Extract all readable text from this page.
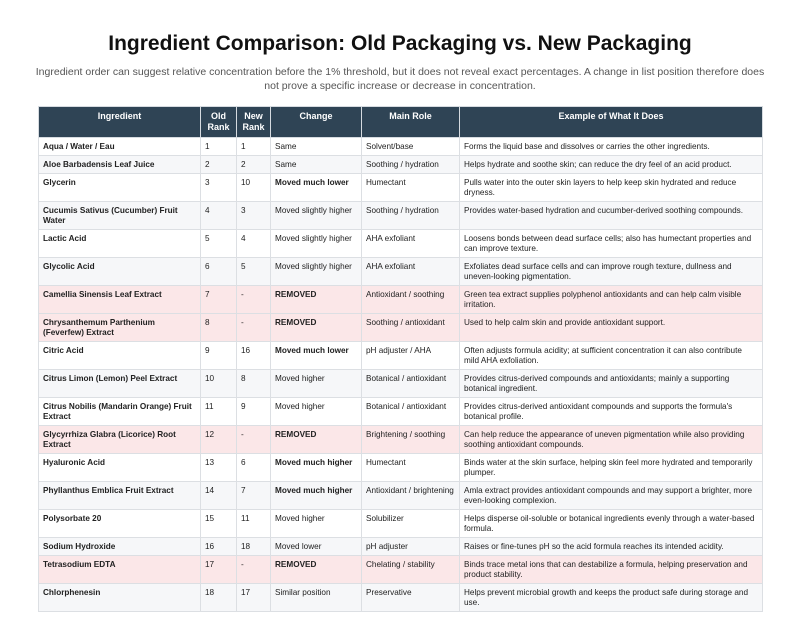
Ingredient Comparison: Old Packaging vs. New Packaging
Ingredient order can suggest relative concentration before the 1% threshold, but it does not reveal exact percentages. A change in list position therefore does not prove a specific increase or decrease in concentration.
Ingredient	Old Rank	New Rank	Change	Main Role	Example of What It Does
Aqua / Water / Eau	1	1	Same	Solvent/base	Forms the liquid base and dissolves or carries the other ingredients.
Aloe Barbadensis Leaf Juice	2	2	Same	Soothing / hydration	Helps hydrate and soothe skin; can reduce the dry feel of an acid product.
Glycerin	3	10	Moved much lower	Humectant	Pulls water into the outer skin layers to help keep skin hydrated and reduce dryness.
Cucumis Sativus (Cucumber) Fruit Water	4	3	Moved slightly higher	Soothing / hydration	Provides water-based hydration and cucumber-derived soothing compounds.
Lactic Acid	5	4	Moved slightly higher	AHA exfoliant	Loosens bonds between dead surface cells; also has humectant properties and can improve texture.
Glycolic Acid	6	5	Moved slightly higher	AHA exfoliant	Exfoliates dead surface cells and can improve rough texture, dullness and uneven-looking pigmentation.
Camellia Sinensis Leaf Extract	7	-	REMOVED	Antioxidant / soothing	Green tea extract supplies polyphenol antioxidants and can help calm visible irritation.
Chrysanthemum Parthenium (Feverfew) Extract	8	-	REMOVED	Soothing / antioxidant	Used to help calm skin and provide antioxidant support.
Citric Acid	9	16	Moved much lower	pH adjuster / AHA	Often adjusts formula acidity; at sufficient concentration it can also contribute mild AHA exfoliation.
Citrus Limon (Lemon) Peel Extract	10	8	Moved higher	Botanical / antioxidant	Provides citrus-derived compounds and antioxidants; mainly a supporting botanical ingredient.
Citrus Nobilis (Mandarin Orange) Fruit Extract	11	9	Moved higher	Botanical / antioxidant	Provides citrus-derived antioxidant compounds and supports the formula's botanical profile.
Glycyrrhiza Glabra (Licorice) Root Extract	12	-	REMOVED	Brightening / soothing	Can help reduce the appearance of uneven pigmentation while also providing soothing antioxidant compounds.
Hyaluronic Acid	13	6	Moved much higher	Humectant	Binds water at the skin surface, helping skin feel more hydrated and temporarily plumper.
Phyllanthus Emblica Fruit Extract	14	7	Moved much higher	Antioxidant / brightening	Amla extract provides antioxidant compounds and may support a brighter, more even-looking complexion.
Polysorbate 20	15	11	Moved higher	Solubilizer	Helps disperse oil-soluble or botanical ingredients evenly through a water-based formula.
Sodium Hydroxide	16	18	Moved lower	pH adjuster	Raises or fine-tunes pH so the acid formula reaches its intended acidity.
Tetrasodium EDTA	17	-	REMOVED	Chelating / stability	Binds trace metal ions that can destabilize a formula, helping preservation and product stability.
Chlorphenesin	18	17	Similar position	Preservative	Helps prevent microbial growth and keeps the product safe during storage and use.
